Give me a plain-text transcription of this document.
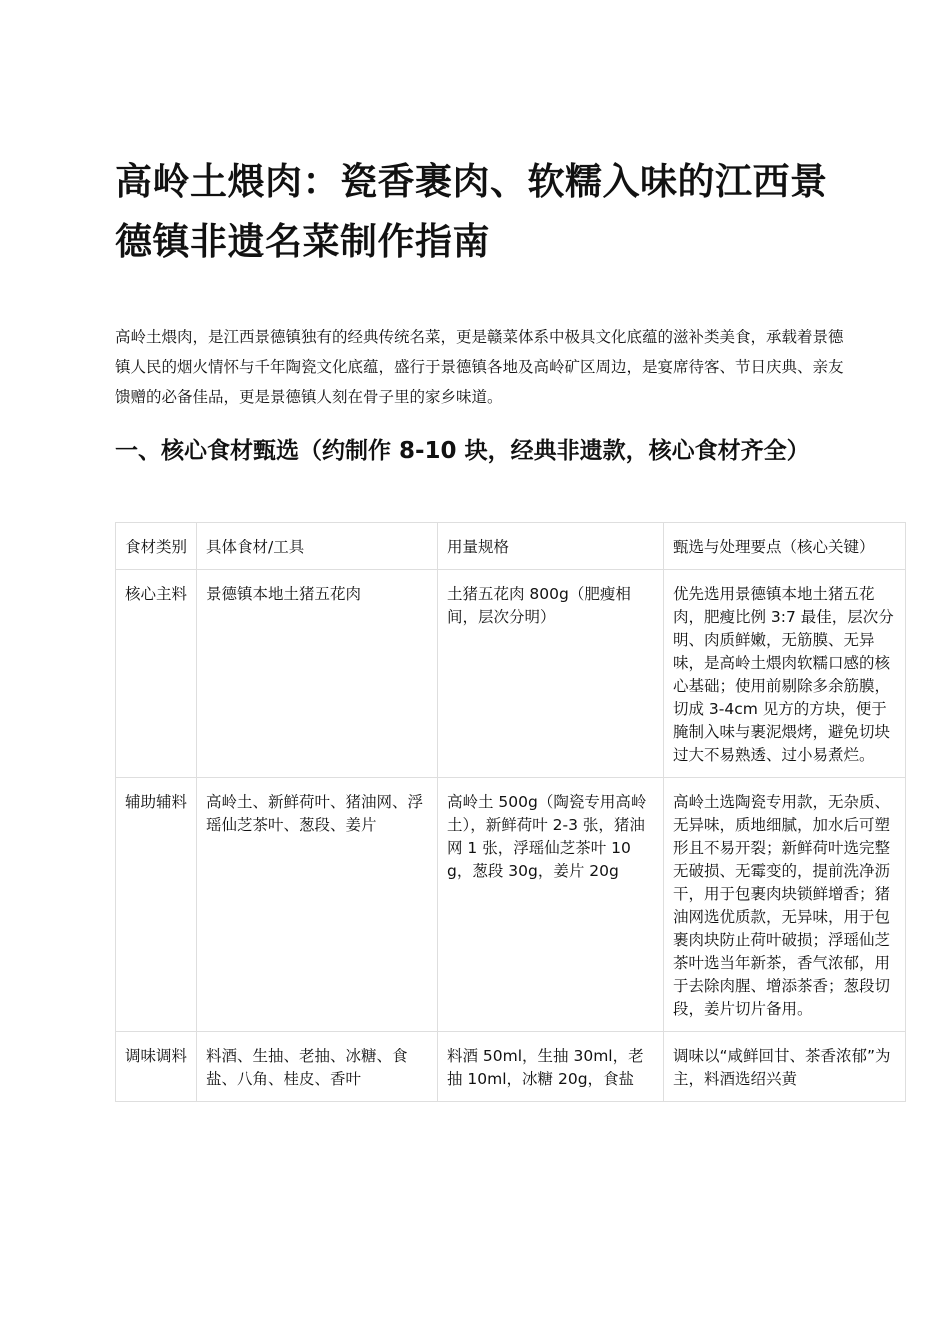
高岭土煨肉：瓷香裹肉、软糯入味的江西景德镇非遗名菜制作指南

高岭土煨肉，是江西景德镇独有的经典传统名菜，更是赣菜体系中极具文化底蕴的滋补类美食，承载着景德镇人民的烟火情怀与千年陶瓷文化底蕴，盛行于景德镇各地及高岭矿区周边，是宴席待客、节日庆典、亲友馈赠的必备佳品，更是景德镇人刻在骨子里的家乡味道。

一、核心食材甄选（约制作 8-10 块，经典非遗款，核心食材齐全）
食材类别	具体食材/工具	用量规格	甄选与处理要点（核心关键）
核心主料	景德镇本地土猪五花肉	土猪五花肉 800g（肥瘦相间，层次分明）	优先选用景德镇本地土猪五花肉，肥瘦比例 3:7 最佳，层次分明、肉质鲜嫩，无筋膜、无异味，是高岭土煨肉软糯口感的核心基础；使用前剔除多余筋膜，切成 3-4cm 见方的方块，便于腌制入味与裹泥煨烤，避免切块过大不易熟透、过小易煮烂。
辅助辅料	高岭土、新鲜荷叶、猪油网、浮瑶仙芝茶叶、葱段、姜片	高岭土 500g（陶瓷专用高岭土），新鲜荷叶 2-3 张，猪油网 1 张，浮瑶仙芝茶叶 10g，葱段 30g，姜片 20g	高岭土选陶瓷专用款，无杂质、无异味，质地细腻，加水后可塑形且不易开裂；新鲜荷叶选完整无破损、无霉变的，提前洗净沥干，用于包裹肉块锁鲜增香；猪油网选优质款，无异味，用于包裹肉块防止荷叶破损；浮瑶仙芝茶叶选当年新茶，香气浓郁，用于去除肉腥、增添茶香；葱段切段，姜片切片备用。
调味调料	料酒、生抽、老抽、冰糖、食盐、八角、桂皮、香叶	料酒 50ml，生抽 30ml，老抽 10ml，冰糖 20g，食盐	调味以“咸鲜回甘、茶香浓郁”为主，料酒选绍兴黄
